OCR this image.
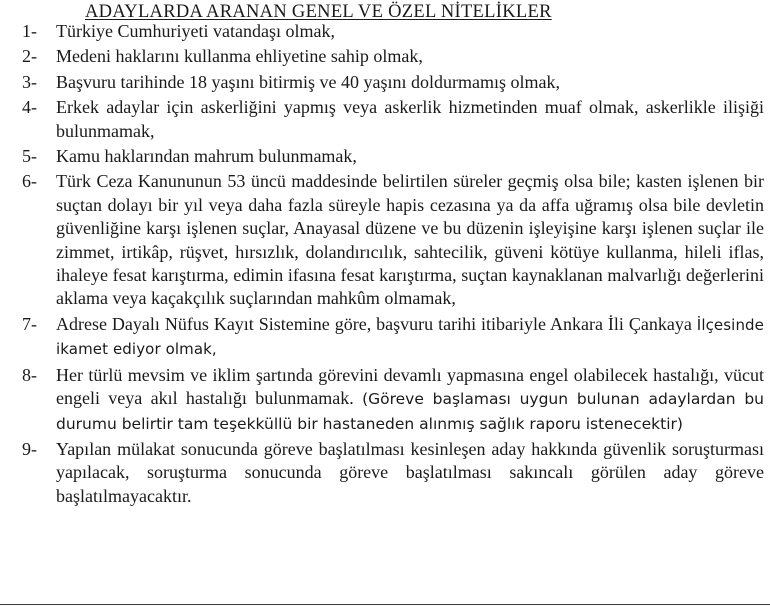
ADAYLARDA ARANAN GENEL VE ÖZEL NİTELİKLER
1- Türkiye Cumhuriyeti vatandaşı olmak,
2- Medeni haklarını kullanma ehliyetine sahip olmak,
3- Başvuru tarihinde 18 yaşını bitirmiş ve 40 yaşını doldurmamış olmak,
4- Erkek adaylar için askerliğini yapmış veya askerlik hizmetinden muaf olmak, askerlikle ilişiği bulunmamak,
5- Kamu haklarından mahrum bulunmamak,
6- Türk Ceza Kanununun 53 üncü maddesinde belirtilen süreler geçmiş olsa bile; kasten işlenen bir suçtan dolayı bir yıl veya daha fazla süreyle hapis cezasına ya da affa uğramış olsa bile devletin güvenliğine karşı işlenen suçlar, Anayasal düzene ve bu düzenin işleyişine karşı işlenen suçlar ile zimmet, irtikâp, rüşvet, hırsızlık, dolandırıcılık, sahtecilik, güveni kötüye kullanma, hileli iflas, ihaleye fesat karıştırma, edimin ifasına fesat karıştırma, suçtan kaynaklanan malvarlığı değerlerini aklama veya kaçakçılık suçlarından mahkûm olmamak,
7- Adrese Dayalı Nüfus Kayıt Sistemine göre, başvuru tarihi itibariyle Ankara İli Çankaya İlçesinde ikamet ediyor olmak,
8- Her türlü mevsim ve iklim şartında görevini devamlı yapmasına engel olabilecek hastalığı, vücut engeli veya akıl hastalığı bulunmamak. (Göreve başlaması uygun bulunan adaylardan bu durumu belirtir tam teşekküllü bir hastaneden alınmış sağlık raporu istenecektir)
9- Yapılan mülakat sonucunda göreve başlatılması kesinleşen aday hakkında güvenlik soruşturması yapılacak, soruşturma sonucunda göreve başlatılması sakıncalı görülen aday göreve başlatılmayacaktır.
